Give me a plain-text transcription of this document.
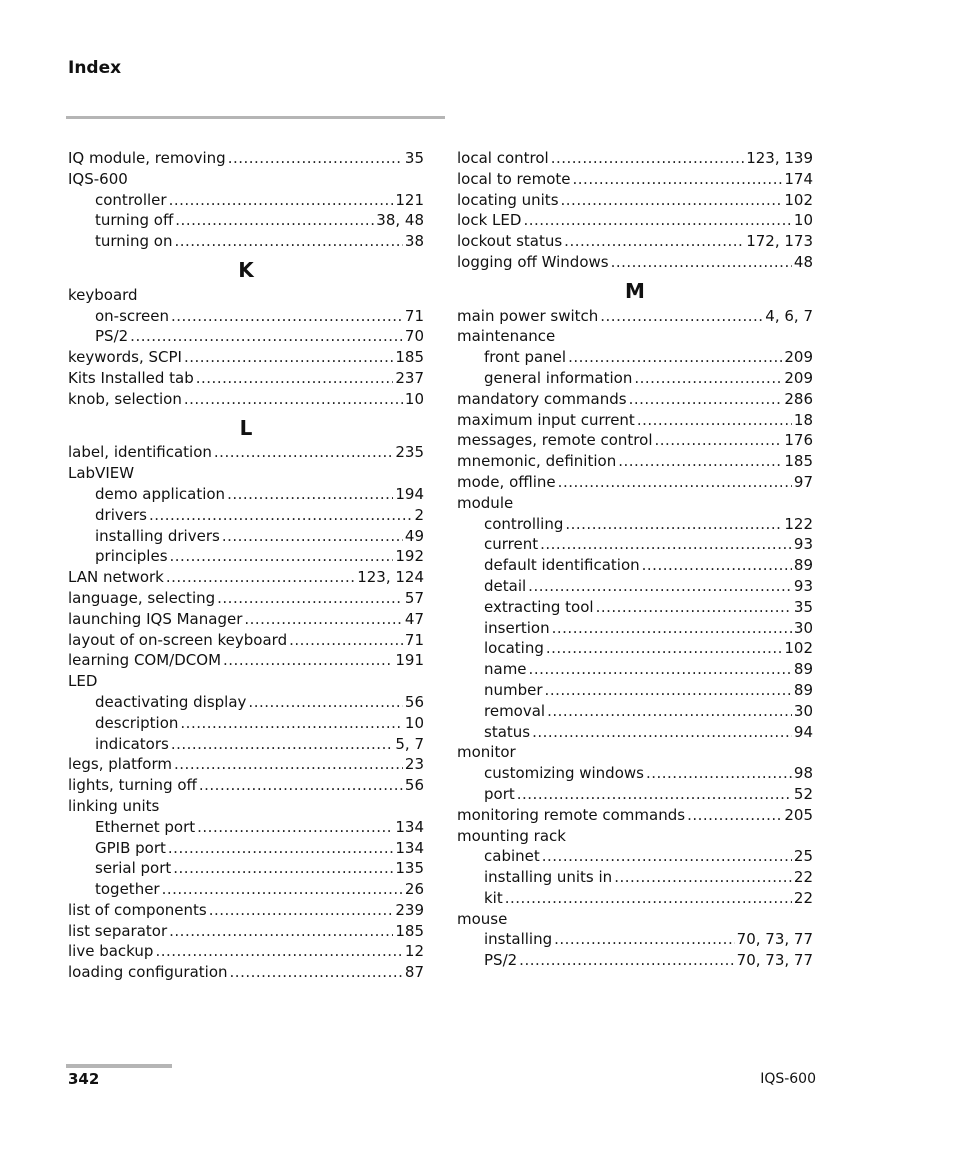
Index
IQ module, removing .....	35
IQS-600
controller .....	121
turning off .....	38, 48
turning on .....	38
K
keyboard
on-screen .....	71
PS/2 .....	70
keywords, SCPI .....	185
Kits Installed tab .....	237
knob, selection .....	10
L
label, identification .....	235
LabVIEW
demo application .....	194
drivers .....	2
installing drivers .....	49
principles .....	192
LAN network .....	123, 124
language, selecting .....	57
launching IQS Manager .....	47
layout of on-screen keyboard .....	71
learning COM/DCOM .....	191
LED
deactivating display .....	56
description .....	10
indicators .....	5, 7
legs, platform .....	23
lights, turning off .....	56
linking units
Ethernet port .....	134
GPIB port .....	134
serial port .....	135
together .....	26
list of components .....	239
list separator .....	185
live backup .....	12
loading configuration .....	87
local control .....	123, 139
local to remote .....	174
locating units .....	102
lock LED .....	10
lockout status .....	172, 173
logging off Windows .....	48
M
main power switch .....	4, 6, 7
maintenance
front panel .....	209
general information .....	209
mandatory commands .....	286
maximum input current .....	18
messages, remote control .....	176
mnemonic, definition .....	185
mode, offline .....	97
module
controlling .....	122
current .....	93
default identification .....	89
detail .....	93
extracting tool .....	35
insertion .....	30
locating .....	102
name .....	89
number .....	89
removal .....	30
status .....	94
monitor
customizing windows .....	98
port .....	52
monitoring remote commands .....	205
mounting rack
cabinet .....	25
installing units in .....	22
kit .....	22
mouse
installing .....	70, 73, 77
PS/2 .....	70, 73, 77
342	IQS-600
